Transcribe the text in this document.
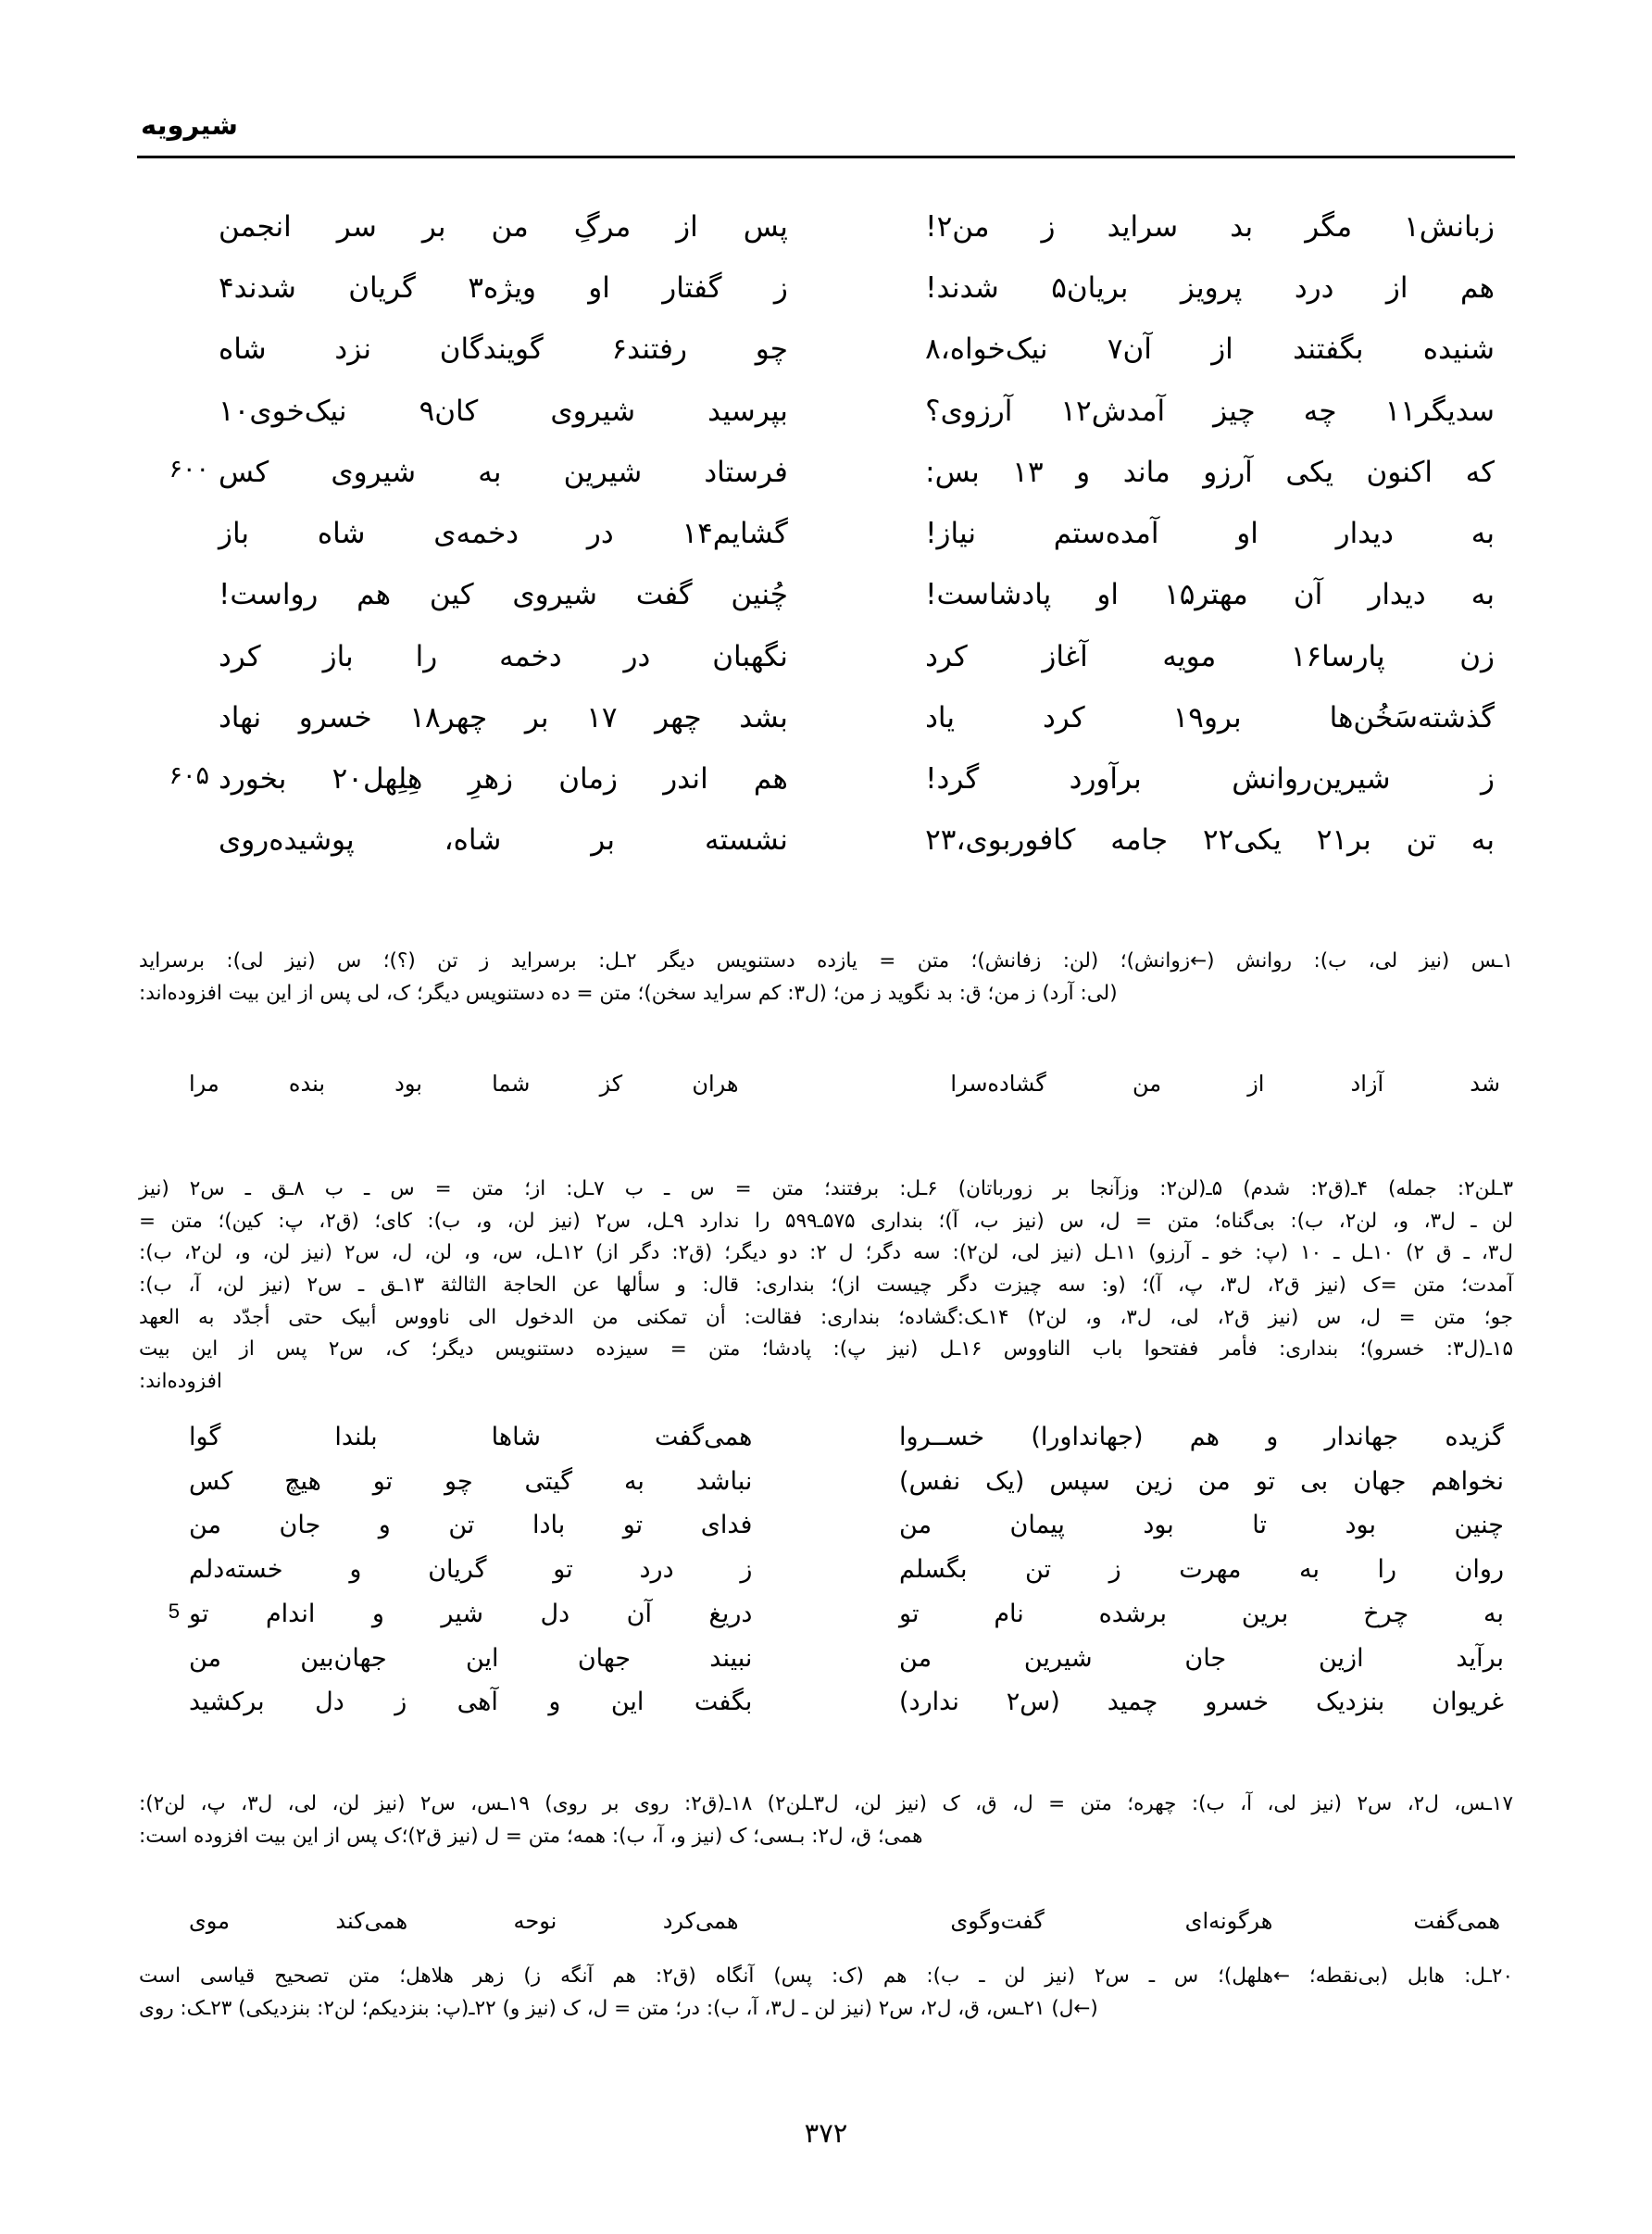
شیرویه
زبانش۱ مگر بد سراید ز من۲!
پس از مرگِ من بر سر انجمن
هم از درد پرویز بریان۵ شدند!
ز گفتار او ویژه۳ گریان شدند۴
شنیده بگفتند از آن۷ نیک‌خواه،۸
چو رفتند۶ گویندگان نزد شاه
سدیگر۱۱ چه چیز آمدش۱۲ آرزوی؟
بپرسید شیروی کان۹ نیک‌خوی۱۰
که اکنون یکی آرزو ماند و ۱۳ بس:
فرستاد شیرین به شیروی کس
۶۰۰
به دیدار او آمده‌ستم نیاز!
گشایم۱۴ در دخمه‌ی شاه باز
به دیدار آن مهتر۱۵ او پادشاست!
چُنین گفت شیروی کین هم رواست!
زن پارسا۱۶ مویه آغاز کرد
نگهبان در دخمه را باز کرد
گذشته‌سَخُن‌ها برو۱۹ کرد یاد
بشد چهر ۱۷ بر چهر۱۸ خسرو نهاد
ز شیرین‌روانش برآورد گرد!
هم اندر زمان زهرِ هِلِهل۲۰ بخورد
۶۰۵
به تن بر۲۱ یکی۲۲ جامه کافوربوی،۲۳
نشسته بر شاه، پوشیده‌روی

۱ـس (نیز لی، ب): روانش (←زوانش)؛ (لن: زفانش)؛ متن = یازده دستنویس دیگر ۲ـل: برسراید ز تن (؟)؛ س (نیز لی): برسراید

(لی: آرد) ز من؛ ق: بد نگوید ز من؛ (ل۳: کم سراید سخن)؛ متن = ده دستنویس دیگر؛ ک، لی پس از این بیت افزوده‌اند:

شد آزاد از من گشاده‌سرا
هران کز شما بود بنده مرا

۳ـلن۲: جمله) ۴ـ(ق۲: شدم) ۵ـ(لن۲: وزآنجا بر زورباتان) ۶ـل: برفتند؛ متن = س ـ ب ۷ـل: از؛ متن = س ـ ب ۸ـق ـ س۲ (نیز

لن ـ ل۳، و، لن۲، ب): بی‌گناه؛ متن = ل، س (نیز ب، آ)؛ بنداری ۵۷۵ـ۵۹۹ را ندارد ۹ـل، س۲ (نیز لن، و، ب): کای؛ (ق۲، پ: کین)؛ متن =

ل۳، ـ ق ۲) ۱۰ـل ـ ۱۰ (پ: خو ـ آرزو) ۱۱ـل (نیز لی، لن۲): سه دگر؛ ل ۲: دو دیگر؛ (ق۲: دگر از) ۱۲ـل، س، و، لن، ل، س۲ (نیز لن، و، لن۲، ب):

آمدت؛ متن =ک (نیز ق۲، ل۳، پ، آ)؛ (و: سه چیزت دگر چیست از)؛ بنداری: قال: و سألها عن الحاجة الثالثة ۱۳ـق ـ س۲ (نیز لن، آ، ب):

جو؛ متن = ل، س (نیز ق۲، لی، ل۳، و، لن۲) ۱۴ـک:گشاده؛ بنداری: فقالت: أن تمکنی من الدخول الی ناووس أبیک حتی أجدّد به العهد

۱۵ـ(ل۳: خسرو)؛ بنداری: فأمر ففتحوا باب الناووس ۱۶ـل (نیز پ): پادشا؛ متن = سیزده دستنویس دیگر؛ ک، س۲ پس از این بیت

افزوده‌اند:

گزیده جهاندار و هم (جهانداورا) خســروا
همی‌گفت شاها بلندا گوا
نخواهم جهان بی تو من زین سپس (یک نفس)
نباشد به گیتی چو تو هیچ کس
چنین بود تا بود پیمان من
فدای تو بادا تن و جان من
روان را به مهرت ز تن بگسلم
ز درد تو گریان و خسته‌دلم
به چرخ برین برشده نام تو
دریغ آن دل شیر و اندام تو
5
برآید ازین جان شیرین من
نبیند جهان این جهان‌بین من
غریوان بنزدیک خسرو چمید (س۲ ندارد)
بگفت این و آهی ز دل برکشید

۱۷ـس، ل۲، س۲ (نیز لی، آ، ب): چهره؛ متن = ل، ق، ک (نیز لن، ل۳ـلن۲) ۱۸ـ(ق۲: روی بر روی) ۱۹ـس، س۲ (نیز لن، لی، ل۳، پ، لن۲):

همی؛ ق، ل۲: بـسی؛ ک (نیز و، آ، ب): همه؛ متن = ل (نیز ق۲)؛ک پس از این بیت افزوده است:

همی‌گفت هرگونه‌ای گفت‌وگوی
همی‌کرد نوحه همی‌کند موی

۲۰ـل: هابل (بی‌نقطه؛ ←هلهل)؛ س ـ س۲ (نیز لن ـ ب): هم (ک: پس) آنگاه (ق۲: هم آنگه ز) زهر هلاهل؛ متن تصحیح قیاسی است

(←ل) ۲۱ـس، ق، ل۲، س۲ (نیز لن ـ ل۳، آ، ب): در؛ متن = ل، ک (نیز و) ۲۲ـ(پ: بنزدیکم؛ لن۲: بنزدیکی) ۲۳ـک: روی

۳۷۲
